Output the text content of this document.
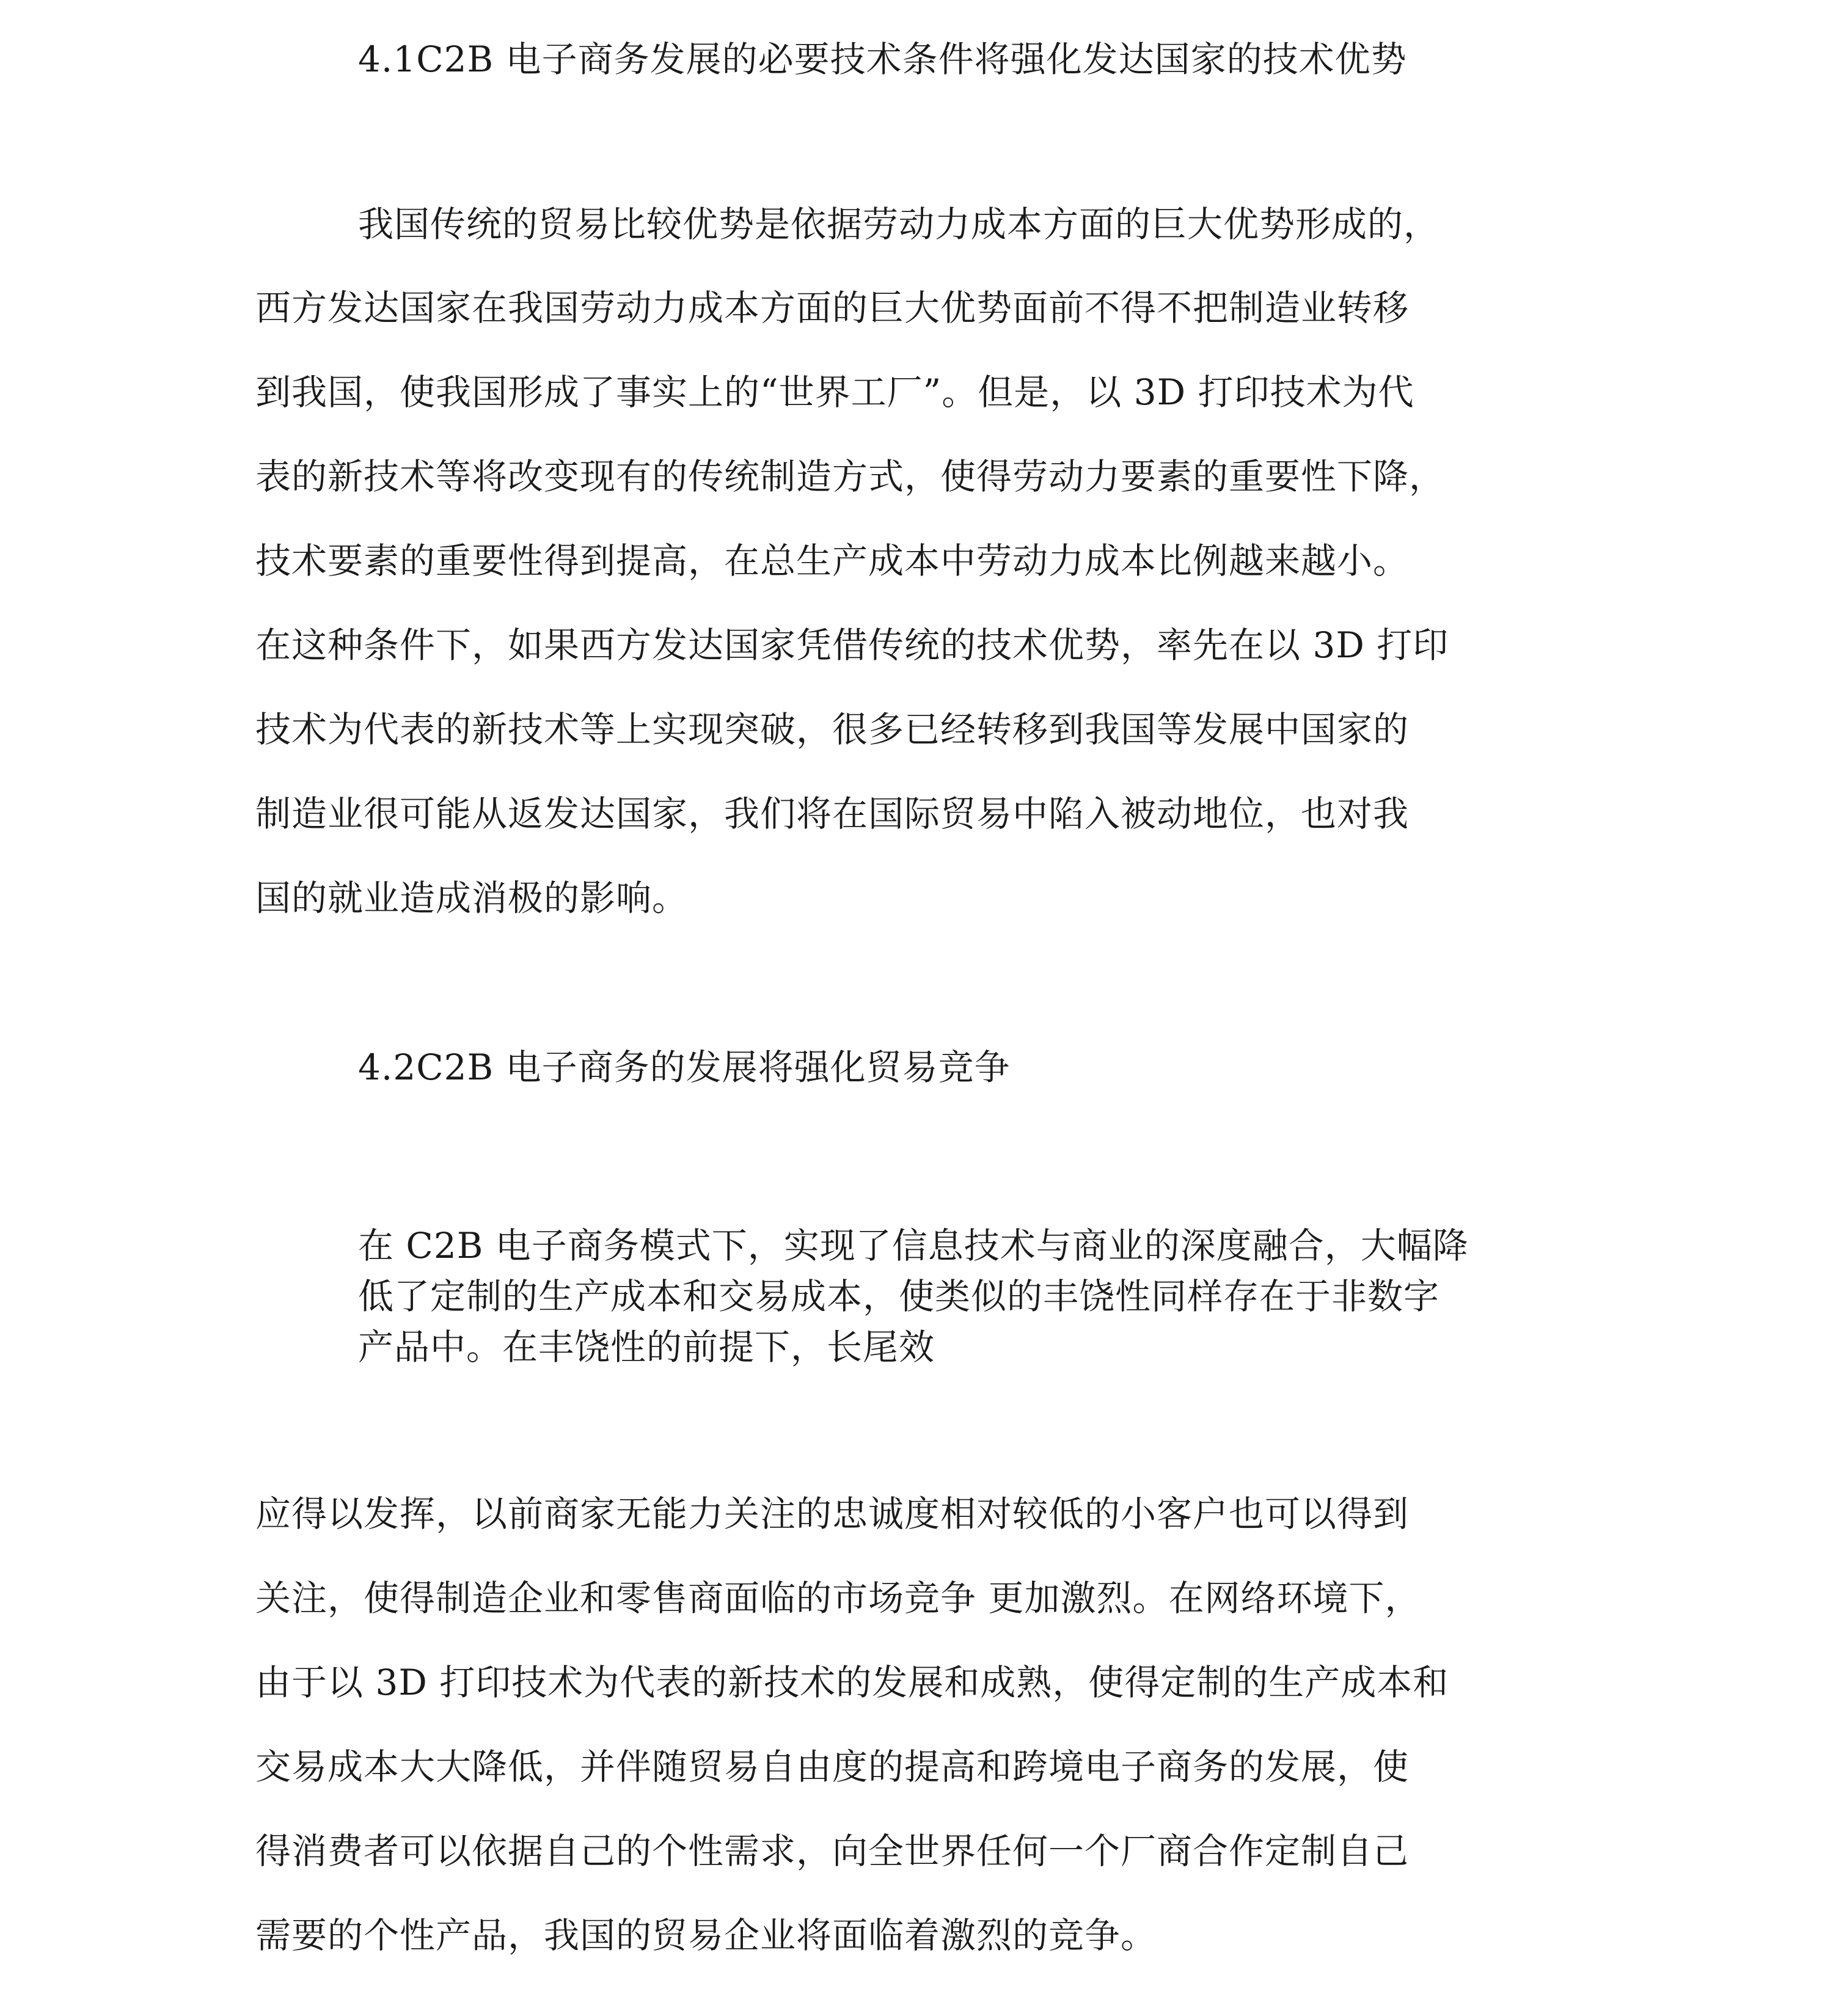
4.1C2B 电子商务发展的必要技术条件将强化发达国家的技术优势

我国传统的贸易比较优势是依据劳动力成本方面的巨大优势形成的，

西方发达国家在我国劳动力成本方面的巨大优势面前不得不把制造业转移

到我国，使我国形成了事实上的“世界工厂”。但是，以 3D 打印技术为代

表的新技术等将改变现有的传统制造方式，使得劳动力要素的重要性下降，

技术要素的重要性得到提高，在总生产成本中劳动力成本比例越来越小。

在这种条件下，如果西方发达国家凭借传统的技术优势，率先在以 3D 打印

技术为代表的新技术等上实现突破，很多已经转移到我国等发展中国家的

制造业很可能从返发达国家，我们将在国际贸易中陷入被动地位，也对我

国的就业造成消极的影响。

4.2C2B 电子商务的发展将强化贸易竞争

在 C2B 电子商务模式下，实现了信息技术与商业的深度融合，大幅降

低了定制的生产成本和交易成本，使类似的丰饶性同样存在于非数字

产品中。在丰饶性的前提下，长尾效

应得以发挥，以前商家无能力关注的忠诚度相对较低的小客户也可以得到

关注，使得制造企业和零售商面临的市场竞争 更加激烈。在网络环境下，

由于以 3D 打印技术为代表的新技术的发展和成熟，使得定制的生产成本和

交易成本大大降低，并伴随贸易自由度的提高和跨境电子商务的发展，使

得消费者可以依据自己的个性需求，向全世界任何一个厂商合作定制自己

需要的个性产品，我国的贸易企业将面临着激烈的竞争。
